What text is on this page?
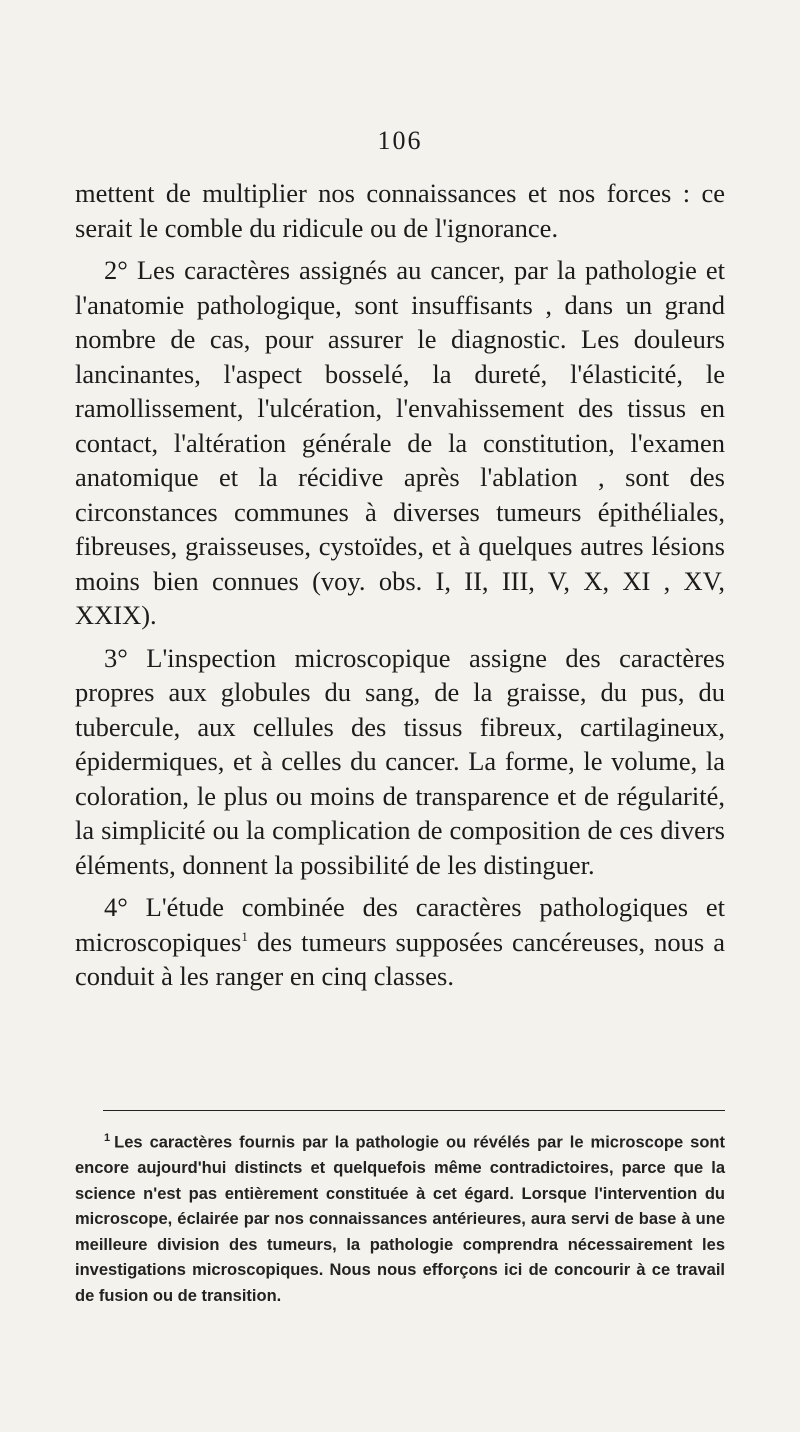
106

mettent de multiplier nos connaissances et nos forces : ce serait le comble du ridicule ou de l'ignorance.

2° Les caractères assignés au cancer, par la pathologie et l'anatomie pathologique, sont insuffisants , dans un grand nombre de cas, pour assurer le diagnostic. Les douleurs lancinantes, l'aspect bosselé, la dureté, l'élasticité, le ramollissement, l'ulcération, l'envahissement des tissus en contact, l'altération générale de la constitution, l'examen anatomique et la récidive après l'ablation , sont des circonstances communes à diverses tumeurs épithéliales, fibreuses, graisseuses, cystoïdes, et à quelques autres lésions moins bien connues (voy. obs. I, II, III, V, X, XI , XV, XXIX).

3° L'inspection microscopique assigne des caractères propres aux globules du sang, de la graisse, du pus, du tubercule, aux cellules des tissus fibreux, cartilagineux, épidermiques, et à celles du cancer. La forme, le volume, la coloration, le plus ou moins de transparence et de régularité, la simplicité ou la complication de composition de ces divers éléments, donnent la possibilité de les distinguer.

4° L'étude combinée des caractères pathologiques et microscopiques$^1$ des tumeurs supposées cancéreuses, nous a conduit à les ranger en cinq classes.

$^1$ Les caractères fournis par la pathologie ou révélés par le microscope sont encore aujourd'hui distincts et quelquefois même contradictoires, parce que la science n'est pas entièrement constituée à cet égard. Lorsque l'intervention du microscope, éclairée par nos connaissances antérieures, aura servi de base à une meilleure division des tumeurs, la pathologie comprendra nécessairement les investigations microscopiques. Nous nous efforçons ici de concourir à ce travail de fusion ou de transition.
